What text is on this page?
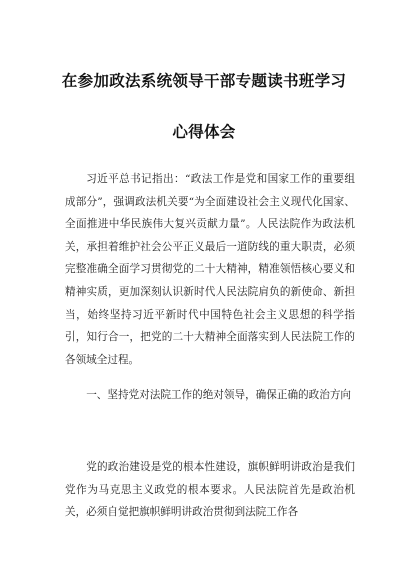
在参加政法系统领导干部专题读书班学习
心得体会

习近平总书记指出：“政法工作是党和国家工作的重要组成部分”，强调政法机关要“为全面建设社会主义现代化国家、全面推进中华民族伟大复兴贡献力量”。人民法院作为政法机关，承担着维护社会公平正义最后一道防线的重大职责，必须完整准确全面学习贯彻党的二十大精神，精准领悟核心要义和精神实质，更加深刻认识新时代人民法院肩负的新使命、新担当，始终坚持习近平新时代中国特色社会主义思想的科学指引，知行合一，把党的二十大精神全面落实到人民法院工作的各领域全过程。

一、坚持党对法院工作的绝对领导，确保正确的政治方向

党的政治建设是党的根本性建设，旗帜鲜明讲政治是我们党作为马克思主义政党的根本要求。人民法院首先是政治机关，必须自觉把旗帜鲜明讲政治贯彻到法院工作各
